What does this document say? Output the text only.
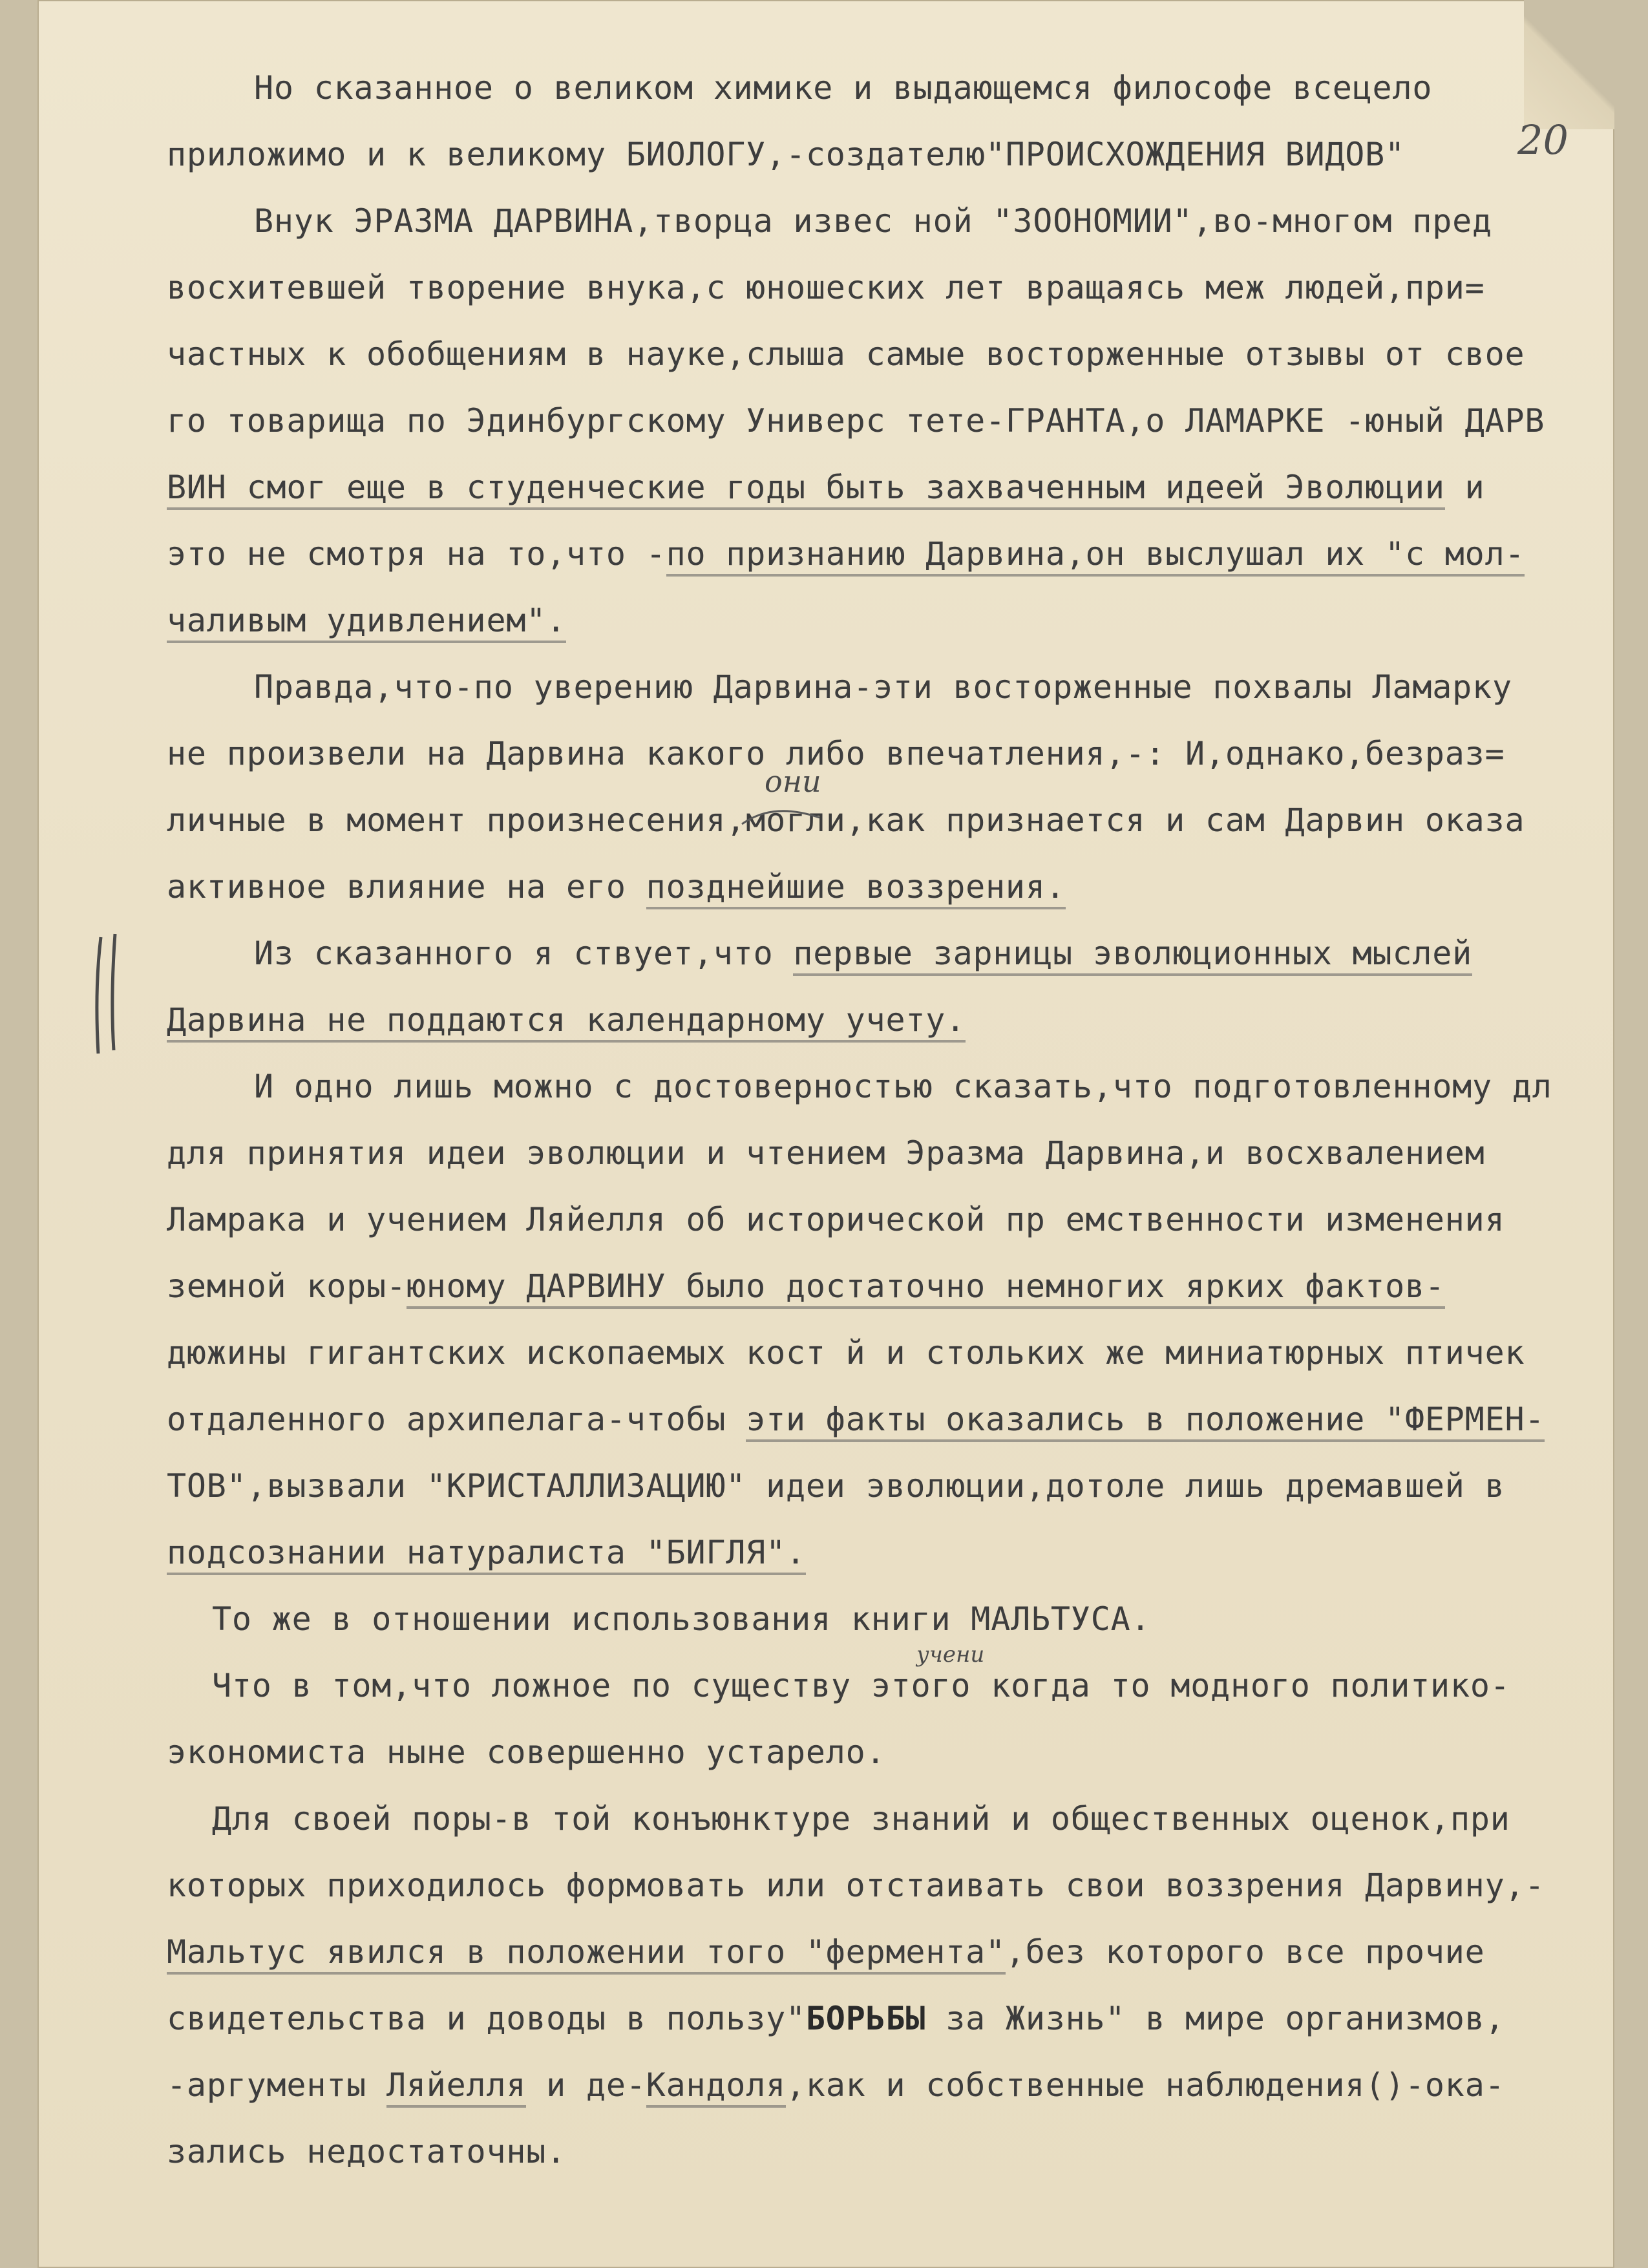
20
Но сказанное о великом химике и выдающемся философе всецело
приложимо и к великому БИОЛОГУ,-создателю"ПРОИСХОЖДЕНИЯ ВИДОВ"
Внук ЭРАЗМА ДАРВИНА,творца извес ной "ЗООНОМИИ",во-многом пред
восхитевшей творение внука,с юношеских лет вращаясь меж людей,при=
частных к обобщениям в науке,слыша самые восторженные отзывы от свое
го товарища по Эдинбургскому Универс тете-ГРАНТА,о ЛАМАРКЕ -юный ДАРВ
ВИН смог еще в студенческие годы быть захваченным идеей Эволюции и
это не смотря на то,что -по признанию Дарвина,он выслушал их "с мол-
чаливым удивлением".
Правда,что-по уверению Дарвина-эти восторженные похвалы Ламарку
не произвели на Дарвина какого либо впечатления,-: И,однако,безраз=
личные в момент произнесения,могли,как признается и сам Дарвин оказа
активное влияние на его позднейшие воззрения.
Из сказанного я ствует,что первые зарницы эволюционных мыслей
Дарвина не поддаются календарному учету.
И одно лишь можно с достоверностью сказать,что подготовленному дл
для принятия идеи эволюции и чтением Эразма Дарвина,и восхвалением
Ламрака и учением Ляйелля об исторической пр емственности изменения
земной коры-юному ДАРВИНУ было достаточно немногих ярких фактов-
дюжины гигантских ископаемых кост й и стольких же миниатюрных птичек
отдаленного архипелага-чтобы эти факты оказались в положение "ФЕРМЕН-
ТОВ",вызвали "КРИСТАЛЛИЗАЦИЮ" идеи эволюции,дотоле лишь дремавшей в
подсознании натуралиста "БИГЛЯ".
То же в отношении использования книги МАЛЬТУСА.
Что в том,что ложное по существу этого когда то модного политико-
экономиста ныне совершенно устарело.
Для своей поры-в той конъюнктуре знаний и общественных оценок,при
которых приходилось формовать или отстаивать свои воззрения Дарвину,-
Мальтус явился в положении того "фермента",без которого все прочие
свидетельства и доводы в пользу"БОРЬБЫ за Жизнь" в мире организмов,
-аргументы Ляйелля и де-Кандоля,как и собственные наблюдения()-ока-
зались недостаточны.
они
учени
